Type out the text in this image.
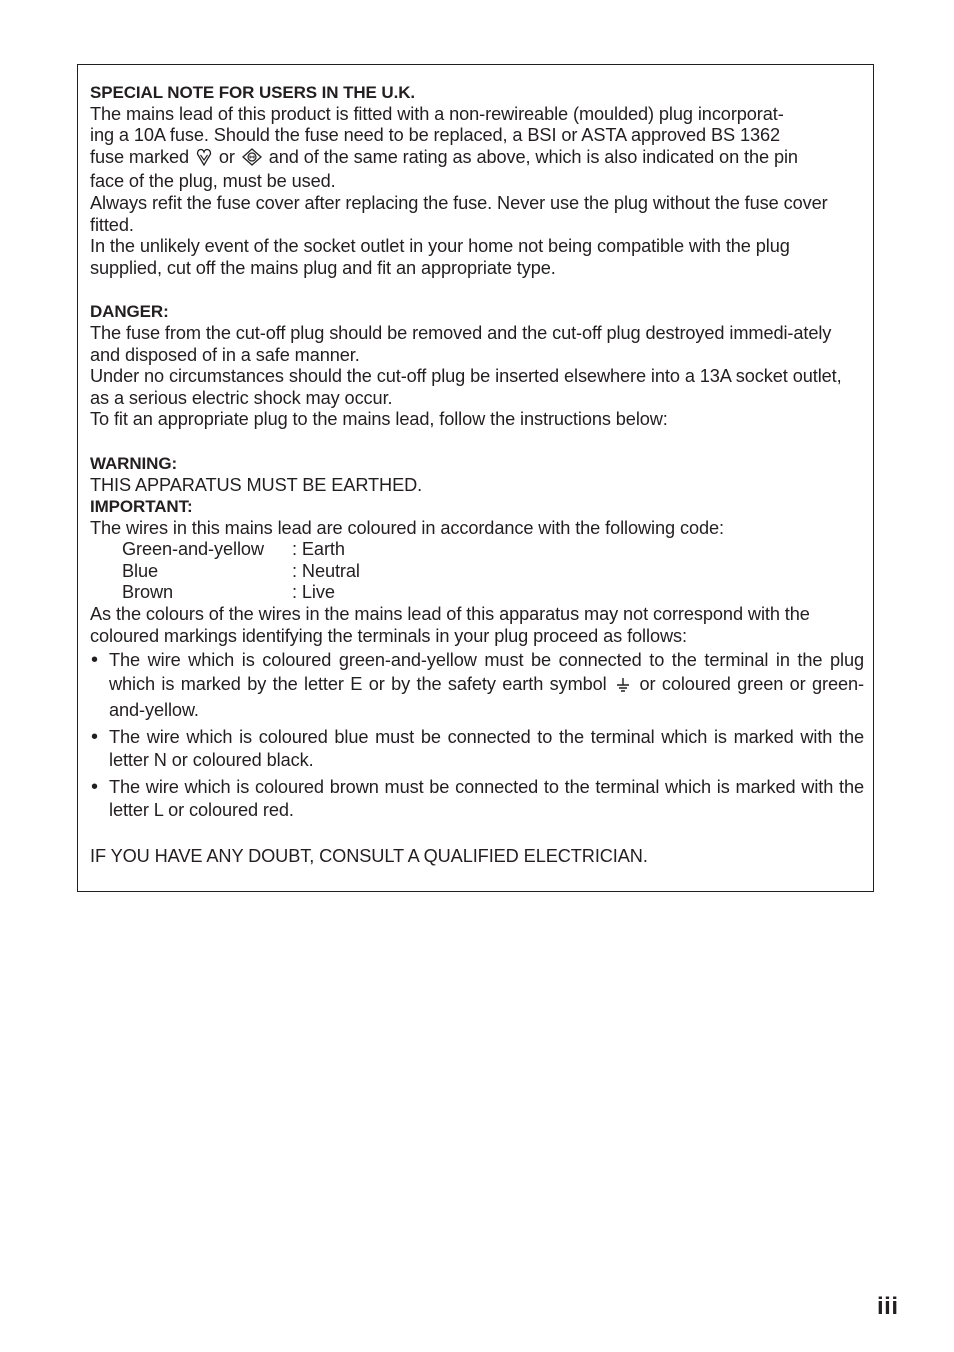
SPECIAL NOTE FOR USERS IN THE U.K.

The mains lead of this product is fitted with a non-rewireable (moulded) plug incorporat-
ing a 10A fuse. Should the fuse need to be replaced, a BSI or ASTA approved BS 1362
fuse marked or and of the same rating as above, which is also indicated on the pin
face of the plug, must be used.

Always refit the fuse cover after replacing the fuse. Never use the plug without the fuse cover fitted.

In the unlikely event of the socket outlet in your home not being compatible with the plug supplied, cut off the mains plug and fit an appropriate type.

DANGER:

The fuse from the cut-off plug should be removed and the cut-off plug destroyed immedi-ately and disposed of in a safe manner.

Under no circumstances should the cut-off plug be inserted elsewhere into a 13A socket outlet, as a serious electric shock may occur.

To fit an appropriate plug to the mains lead, follow the instructions below:

WARNING:

THIS APPARATUS MUST BE EARTHED.

IMPORTANT:

The wires in this mains lead are coloured in accordance with the following code:

Green-and-yellow	: Earth
Blue	: Neutral
Brown	: Live

As the colours of the wires in the mains lead of this apparatus may not correspond with the coloured markings identifying the terminals in your plug proceed as follows:

• The wire which is coloured green-and-yellow must be connected to the terminal in the plug which is marked by the letter E or by the safety earth symbol or coloured green or green-and-yellow.
• The wire which is coloured blue must be connected to the terminal which is marked with the letter N or coloured black.
• The wire which is coloured brown must be connected to the terminal which is marked with the letter L or coloured red.

IF YOU HAVE ANY DOUBT, CONSULT A QUALIFIED ELECTRICIAN.

iii
